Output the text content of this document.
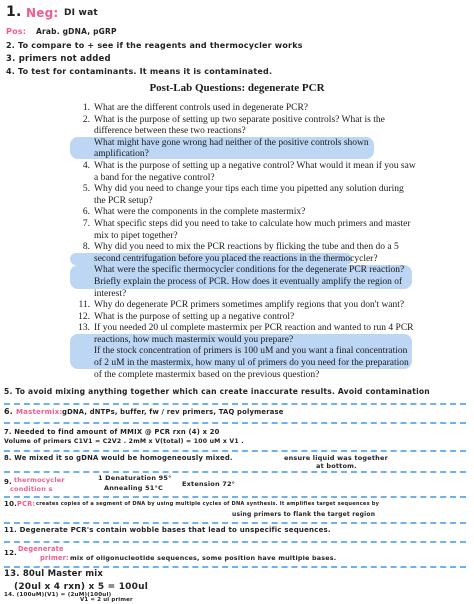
1. Neg: DI wat
Pos: Arab. gDNA, pGRP
2. To compare to + see if the reagents and thermocycler works
3. primers not added
4. To test for contaminants. It means it is contaminated.
Post-Lab Questions: degenerate PCR
1. What are the different controls used in degenerate PCR?
2. What is the purpose of setting up two separate positive controls? What is the difference between these two reactions?
What might have gone wrong had neither of the positive controls shown amplification?
4. What is the purpose of setting up a negative control? What would it mean if you saw a band for the negative control?
5. Why did you need to change your tips each time you pipetted any solution during the PCR setup?
6. What were the components in the complete mastermix?
7. What specific steps did you need to take to calculate how much primers and master mix to pipet together?
8. Why did you need to mix the PCR reactions by flicking the tube and then do a 5 second centrifugation before you placed the reactions in the thermocycler?
What were the specific thermocycler conditions for the degenerate PCR reaction?
Briefly explain the process of PCR. How does it eventually amplify the region of interest?
11. Why do degenerate PCR primers sometimes amplify regions that you don't want?
12. What is the purpose of setting up a negative control?
13. If you needed 20 ul complete mastermix per PCR reaction and wanted to run 4 PCR reactions, how much mastermix would you prepare?
If the stock concentration of primers is 100 uM and you want a final concentration of 2 uM in the mastermix, how many ul of primers do you need for the preparation of the complete mastermix based on the previous question?
5. To avoid mixing anything together which can create inaccurate results. Avoid contamination
6. Mastermix: gDNA, dNTPs, buffer, fw / rev primers, TAQ polymerase
7. Needed to find amount of MMIX @ PCR rxn (4) x 20
Volume of primers C1V1 = C2V2 . 2mM x V(total) = 100 uM x V1 .
8. We mixed it so gDNA would be homogeneously mixed.	ensure liquid was together
at bottom.
9. thermocycler
condition s
1 Denaturation 95°
Annealing 51°C	Extension 72°
10. PCR: creates copies of a segment of DNA by using multiple cycles of DNA synthesis. It amplifies target sequences by
using primers to flank the target region
11. Degenerate PCR's contain wobble bases that lead to unspecific sequences.
12. Degenerate
primer: mix of oligonucleotide sequences, some position have multiple bases.
13. 80ul Master mix
(20ul x 4 rxn) x 5 = 100ul
14. (100uM)(V1) = (2uM)(100ul)
V1 = 2 ul primer
